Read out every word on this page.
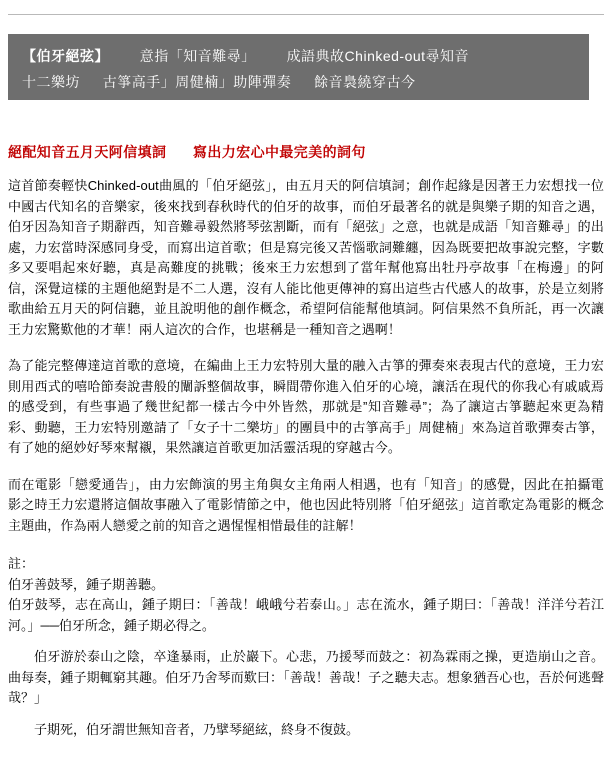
【伯牙絕弦】 意指「知音難尋」 成語典故Chinked-out尋知音
十二樂坊 古箏高手」周健楠」助陣彈奏 餘音裊繞穿古今
絕配知音五月天阿信填詞 寫出力宏心中最完美的詞句

這首節奏輕快Chinked-out曲風的「伯牙絕弦」，由五月天的阿信填詞；創作起緣是因著王力宏想找一位中國古代知名的音樂家，後來找到春秋時代的伯牙的故事，而伯牙最著名的就是與樂子期的知音之遇，伯牙因為知音子期辭西，知音難尋毅然將琴弦割斷，而有「絕弦」之意，也就是成語「知音難尋」的出處，力宏當時深感同身受，而寫出這首歌；但是寫完後又苦惱歌詞難纏，因為既要把故事說完整，字數多又要唱起來好聽，真是高難度的挑戰；後來王力宏想到了當年幫他寫出牡丹亭故事「在梅邊」的阿信，深覺這樣的主題他絕對是不二人選，沒有人能比他更傳神的寫出這些古代感人的故事，於是立刻將歌曲給五月天的阿信聽，並且說明他的創作概念，希望阿信能幫他填詞。阿信果然不負所託，再一次讓王力宏驚歎他的才華！兩人這次的合作，也堪稱是一種知音之遇啊！

為了能完整傳達這首歌的意境，在編曲上王力宏特別大量的融入古箏的彈奏來表現古代的意境，王力宏則用西式的嘻哈節奏說書般的闡訴整個故事，瞬間帶你進入伯牙的心境，讓活在現代的你我心有戚戚焉的感受到，有些事過了幾世紀都一樣古今中外皆然，那就是”知音難尋”；為了讓這古箏聽起來更為精彩、動聽，王力宏特別邀請了「女子十二樂坊」的團員中的古箏高手」周健楠」來為這首歌彈奏古箏，有了她的絕妙好琴來幫襯，果然讓這首歌更加活靈活現的穿越古今。

而在電影「戀愛通告」，由力宏飾演的男主角與女主角兩人相遇，也有「知音」的感覺，因此在拍攝電影之時王力宏還將這個故事融入了電影情節之中，他也因此特別將「伯牙絕弦」這首歌定為電影的概念主題曲，作為兩人戀愛之前的知音之遇惺惺相惜最佳的註解！

註：

伯牙善鼓琴，鍾子期善聽。

伯牙鼓琴，志在高山，鍾子期曰：「善哉！峨峨兮若泰山。」志在流水，鍾子期曰：「善哉！洋洋兮若江河。」──伯牙所念，鍾子期必得之。

伯牙游於泰山之陰，卒逢暴雨，止於巖下。心悲，乃援琴而鼓之：初為霖雨之操，更造崩山之音。曲每奏，鍾子期輒窮其趣。伯牙乃舍琴而歎曰：「善哉！善哉！子之聽夫志。想象猶吾心也，吾於何逃聲哉？」

子期死，伯牙謂世無知音者，乃擘琴絕絃，終身不復鼓。
